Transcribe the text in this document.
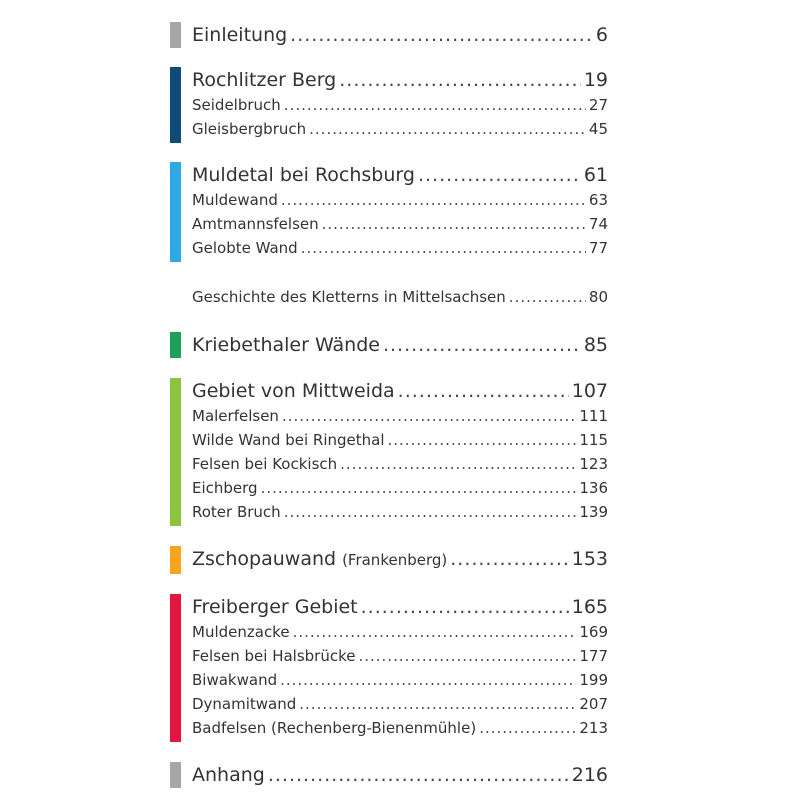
Einleitung .....	6
Rochlitzer Berg .....	19
Seidelbruch .....	27
Gleisbergbruch .....	45
Muldetal bei Rochsburg .....	61
Muldewand .....	63
Amtmannsfelsen .....	74
Gelobte Wand .....	77
Geschichte des Kletterns in Mittelsachsen .....	80
Kriebethaler Wände .....	85
Gebiet von Mittweida .....	107
Malerfelsen .....	111
Wilde Wand bei Ringethal .....	115
Felsen bei Kockisch .....	123
Eichberg .....	136
Roter Bruch .....	139
Zschopauwand (Frankenberg) .....	153
Freiberger Gebiet .....	165
Muldenzacke .....	169
Felsen bei Halsbrücke .....	177
Biwakwand .....	199
Dynamitwand .....	207
Badfelsen (Rechenberg-Bienenmühle) .....	213
Anhang .....	216
